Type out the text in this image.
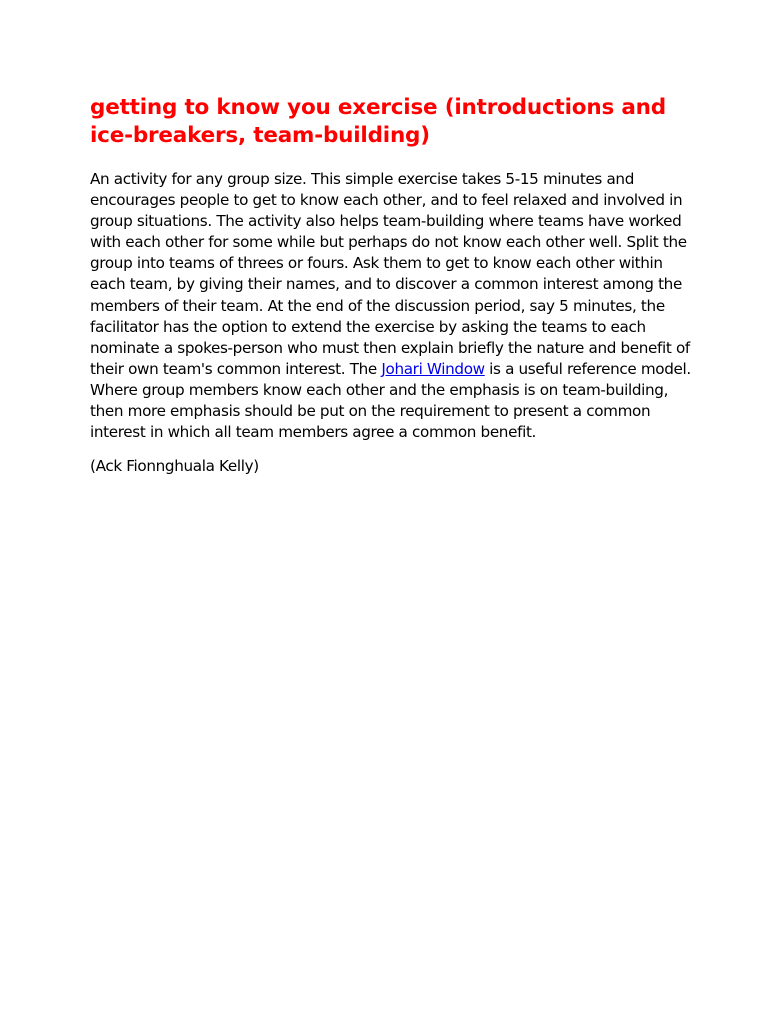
getting to know you exercise (introductions and ice-breakers, team-building)

An activity for any group size. This simple exercise takes 5-15 minutes and encourages people to get to know each other, and to feel relaxed and involved in group situations. The activity also helps team-building where teams have worked with each other for some while but perhaps do not know each other well. Split the group into teams of threes or fours. Ask them to get to know each other within each team, by giving their names, and to discover a common interest among the members of their team. At the end of the discussion period, say 5 minutes, the facilitator has the option to extend the exercise by asking the teams to each nominate a spokes-person who must then explain briefly the nature and benefit of their own team's common interest. The Johari Window is a useful reference model. Where group members know each other and the emphasis is on team-building, then more emphasis should be put on the requirement to present a common interest in which all team members agree a common benefit.

(Ack Fionnghuala Kelly)
